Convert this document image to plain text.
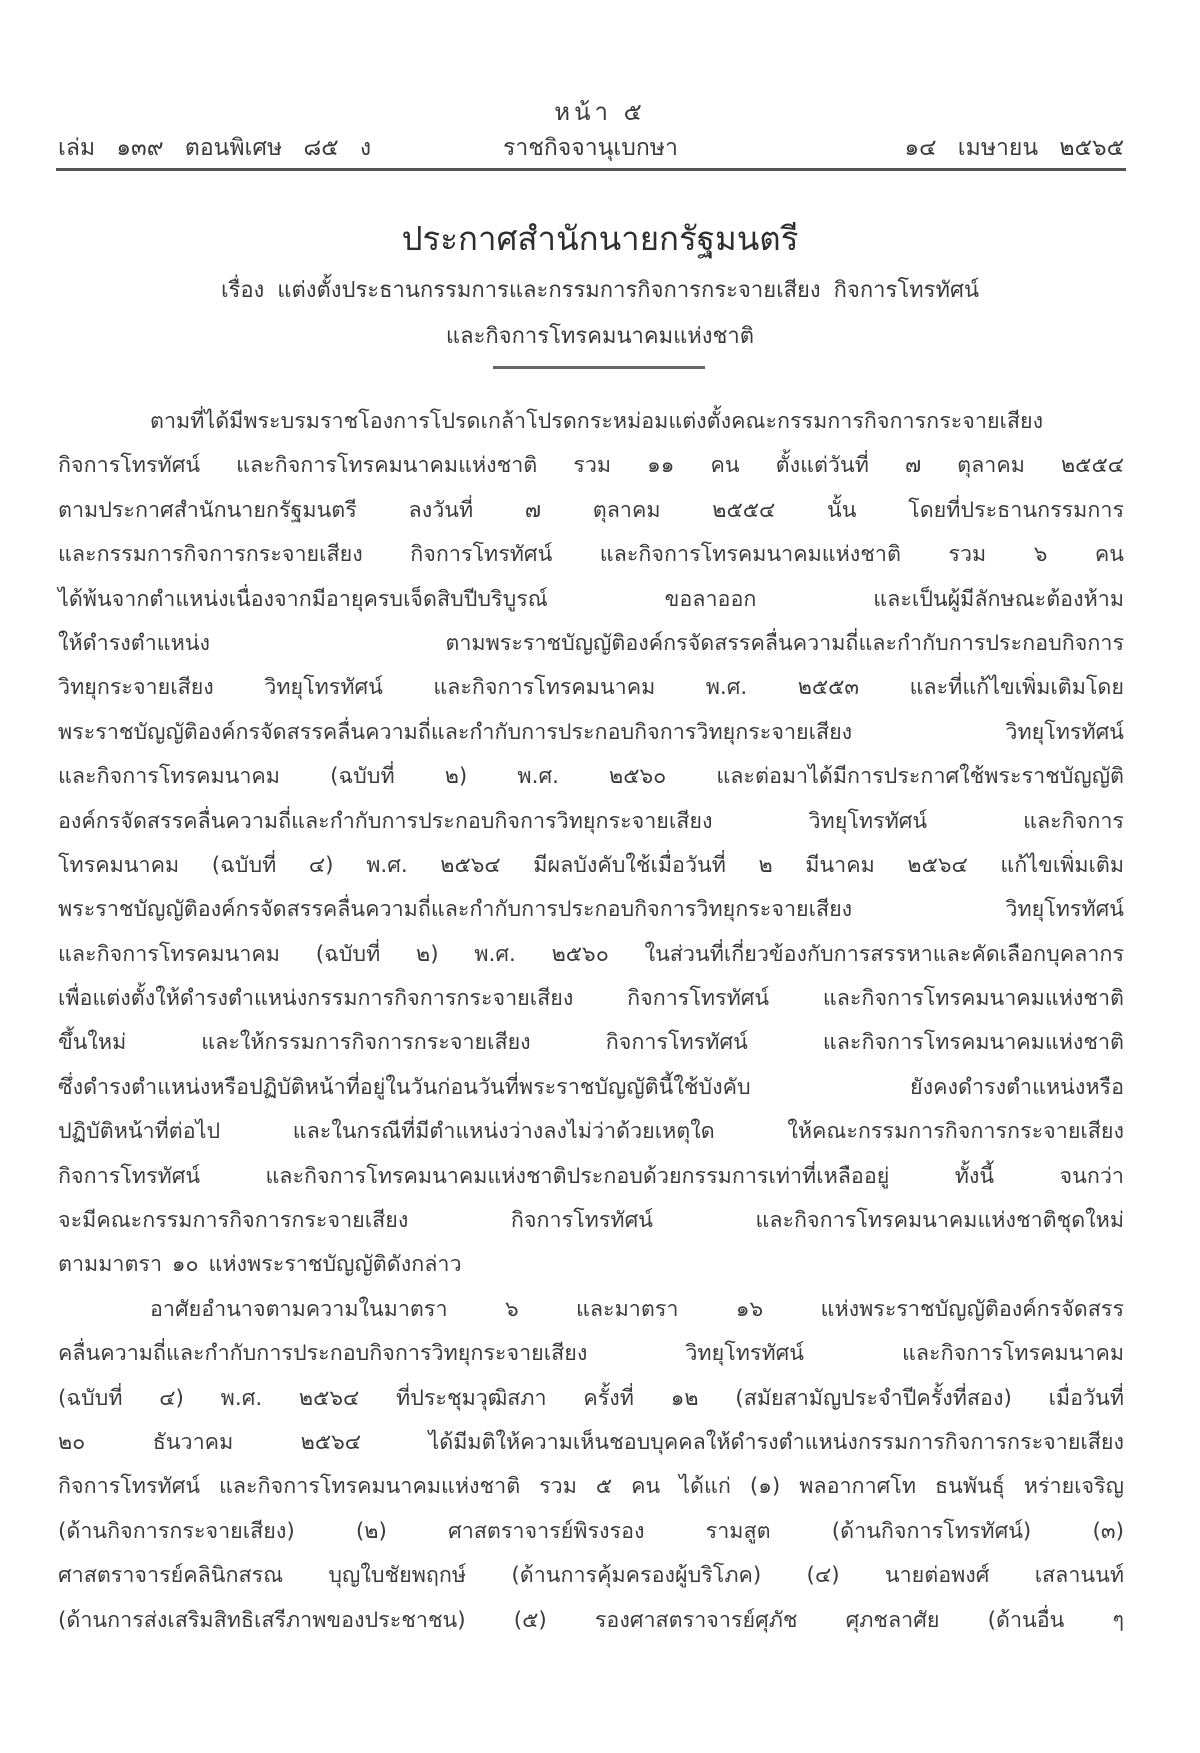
หน้า ๕
เล่ม ๑๓๙ ตอนพิเศษ ๘๕ ง	ราชกิจจานุเบกษา	๑๔ เมษายน ๒๕๖๕
ประกาศสำนักนายกรัฐมนตรี
เรื่อง แต่งตั้งประธานกรรมการและกรรมการกิจการกระจายเสียง กิจการโทรทัศน์
และกิจการโทรคมนาคมแห่งชาติ
ตามที่ได้มีพระบรมราชโองการโปรดเกล้าโปรดกระหม่อมแต่งตั้งคณะกรรมการกิจการกระจายเสียง
กิจการโทรทัศน์ และกิจการโทรคมนาคมแห่งชาติ รวม ๑๑ คน ตั้งแต่วันที่ ๗ ตุลาคม ๒๕๕๔
ตามประกาศสำนักนายกรัฐมนตรี ลงวันที่ ๗ ตุลาคม ๒๕๕๔ นั้น โดยที่ประธานกรรมการ
และกรรมการกิจการกระจายเสียง กิจการโทรทัศน์ และกิจการโทรคมนาคมแห่งชาติ รวม ๖ คน
ได้พ้นจากตำแหน่งเนื่องจากมีอายุครบเจ็ดสิบปีบริบูรณ์ ขอลาออก และเป็นผู้มีลักษณะต้องห้าม
ให้ดำรงตำแหน่ง ตามพระราชบัญญัติองค์กรจัดสรรคลื่นความถี่และกำกับการประกอบกิจการ
วิทยุกระจายเสียง วิทยุโทรทัศน์ และกิจการโทรคมนาคม พ.ศ. ๒๕๕๓ และที่แก้ไขเพิ่มเติมโดย
พระราชบัญญัติองค์กรจัดสรรคลื่นความถี่และกำกับการประกอบกิจการวิทยุกระจายเสียง วิทยุโทรทัศน์
และกิจการโทรคมนาคม (ฉบับที่ ๒) พ.ศ. ๒๕๖๐ และต่อมาได้มีการประกาศใช้พระราชบัญญัติ
องค์กรจัดสรรคลื่นความถี่และกำกับการประกอบกิจการวิทยุกระจายเสียง วิทยุโทรทัศน์ และกิจการ
โทรคมนาคม (ฉบับที่ ๔) พ.ศ. ๒๕๖๔ มีผลบังคับใช้เมื่อวันที่ ๒ มีนาคม ๒๕๖๔ แก้ไขเพิ่มเติม
พระราชบัญญัติองค์กรจัดสรรคลื่นความถี่และกำกับการประกอบกิจการวิทยุกระจายเสียง วิทยุโทรทัศน์
และกิจการโทรคมนาคม (ฉบับที่ ๒) พ.ศ. ๒๕๖๐ ในส่วนที่เกี่ยวข้องกับการสรรหาและคัดเลือกบุคลากร
เพื่อแต่งตั้งให้ดำรงตำแหน่งกรรมการกิจการกระจายเสียง กิจการโทรทัศน์ และกิจการโทรคมนาคมแห่งชาติ
ขึ้นใหม่ และให้กรรมการกิจการกระจายเสียง กิจการโทรทัศน์ และกิจการโทรคมนาคมแห่งชาติ
ซึ่งดำรงตำแหน่งหรือปฏิบัติหน้าที่อยู่ในวันก่อนวันที่พระราชบัญญัตินี้ใช้บังคับ ยังคงดำรงตำแหน่งหรือ
ปฏิบัติหน้าที่ต่อไป และในกรณีที่มีตำแหน่งว่างลงไม่ว่าด้วยเหตุใด ให้คณะกรรมการกิจการกระจายเสียง
กิจการโทรทัศน์ และกิจการโทรคมนาคมแห่งชาติประกอบด้วยกรรมการเท่าที่เหลืออยู่ ทั้งนี้ จนกว่า
จะมีคณะกรรมการกิจการกระจายเสียง กิจการโทรทัศน์ และกิจการโทรคมนาคมแห่งชาติชุดใหม่
ตามมาตรา ๑๐ แห่งพระราชบัญญัติดังกล่าว
อาศัยอำนาจตามความในมาตรา ๖ และมาตรา ๑๖ แห่งพระราชบัญญัติองค์กรจัดสรร
คลื่นความถี่และกำกับการประกอบกิจการวิทยุกระจายเสียง วิทยุโทรทัศน์ และกิจการโทรคมนาคม
(ฉบับที่ ๔) พ.ศ. ๒๕๖๔ ที่ประชุมวุฒิสภา ครั้งที่ ๑๒ (สมัยสามัญประจำปีครั้งที่สอง) เมื่อวันที่
๒๐ ธันวาคม ๒๕๖๔ ได้มีมติให้ความเห็นชอบบุคคลให้ดำรงตำแหน่งกรรมการกิจการกระจายเสียง
กิจการโทรทัศน์ และกิจการโทรคมนาคมแห่งชาติ รวม ๕ คน ได้แก่ (๑) พลอากาศโท ธนพันธุ์ หร่ายเจริญ
(ด้านกิจการกระจายเสียง) (๒) ศาสตราจารย์พิรงรอง รามสูต (ด้านกิจการโทรทัศน์) (๓)
ศาสตราจารย์คลินิกสรณ บุญใบชัยพฤกษ์ (ด้านการคุ้มครองผู้บริโภค) (๔) นายต่อพงศ์ เสลานนท์
(ด้านการส่งเสริมสิทธิเสรีภาพของประชาชน) (๕) รองศาสตราจารย์ศุภัช ศุภชลาศัย (ด้านอื่น ๆ
